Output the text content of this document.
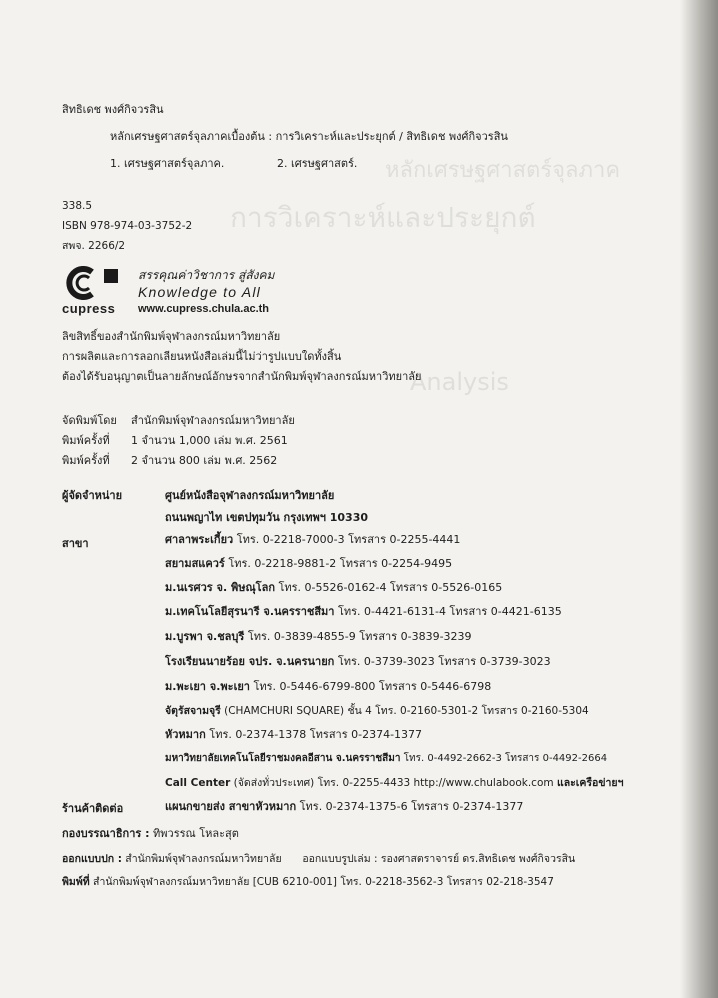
หลักเศรษฐศาสตร์จุลภาค
การวิเคราะห์และประยุกต์
Analysis
สิทธิเดช พงศ์กิจวรสิน
หลักเศรษฐศาสตร์จุลภาคเบื้องต้น : การวิเคราะห์และประยุกต์ / สิทธิเดช พงศ์กิจวรสิน
1. เศรษฐศาสตร์จุลภาค.	2. เศรษฐศาสตร์.
338.5
ISBN 978-974-03-3752-2
สพจ. 2266/2
cupress
สรรคุณค่าวิชาการ สู่สังคม
Knowledge to All
www.cupress.chula.ac.th
ลิขสิทธิ์ของสำนักพิมพ์จุฬาลงกรณ์มหาวิทยาลัย
การผลิตและการลอกเลียนหนังสือเล่มนี้ไม่ว่ารูปแบบใดทั้งสิ้น
ต้องได้รับอนุญาตเป็นลายลักษณ์อักษรจากสำนักพิมพ์จุฬาลงกรณ์มหาวิทยาลัย
จัดพิมพ์โดย สำนักพิมพ์จุฬาลงกรณ์มหาวิทยาลัย
พิมพ์ครั้งที่ 1 จำนวน 1,000 เล่ม พ.ศ. 2561
พิมพ์ครั้งที่ 2 จำนวน 800 เล่ม พ.ศ. 2562
ผู้จัดจำหน่าย	ศูนย์หนังสือจุฬาลงกรณ์มหาวิทยาลัย
ถนนพญาไท เขตปทุมวัน กรุงเทพฯ 10330
สาขา	ศาลาพระเกี้ยว โทร. 0-2218-7000-3 โทรสาร 0-2255-4441
สยามสแควร์ โทร. 0-2218-9881-2 โทรสาร 0-2254-9495
ม.นเรศวร จ. พิษณุโลก โทร. 0-5526-0162-4 โทรสาร 0-5526-0165
ม.เทคโนโลยีสุรนารี จ.นครราชสีมา โทร. 0-4421-6131-4 โทรสาร 0-4421-6135
ม.บูรพา จ.ชลบุรี โทร. 0-3839-4855-9 โทรสาร 0-3839-3239
โรงเรียนนายร้อย จปร. จ.นครนายก โทร. 0-3739-3023 โทรสาร 0-3739-3023
ม.พะเยา จ.พะเยา โทร. 0-5446-6799-800 โทรสาร 0-5446-6798
จัตุรัสจามจุรี (CHAMCHURI SQUARE) ชั้น 4 โทร. 0-2160-5301-2 โทรสาร 0-2160-5304
หัวหมาก โทร. 0-2374-1378 โทรสาร 0-2374-1377
มหาวิทยาลัยเทคโนโลยีราชมงคลอีสาน จ.นครราชสีมา โทร. 0-4492-2662-3 โทรสาร 0-4492-2664
Call Center (จัดส่งทั่วประเทศ) โทร. 0-2255-4433 http://www.chulabook.com และเครือข่ายฯ
ร้านค้าติดต่อ	แผนกขายส่ง สาขาหัวหมาก โทร. 0-2374-1375-6 โทรสาร 0-2374-1377
กองบรรณาธิการ : ทิพวรรณ โหละสุต
ออกแบบปก : สำนักพิมพ์จุฬาลงกรณ์มหาวิทยาลัย ออกแบบรูปเล่ม : รองศาสตราจารย์ ดร.สิทธิเดช พงศ์กิจวรสิน
พิมพ์ที่ สำนักพิมพ์จุฬาลงกรณ์มหาวิทยาลัย [CUB 6210-001] โทร. 0-2218-3562-3 โทรสาร 02-218-3547
